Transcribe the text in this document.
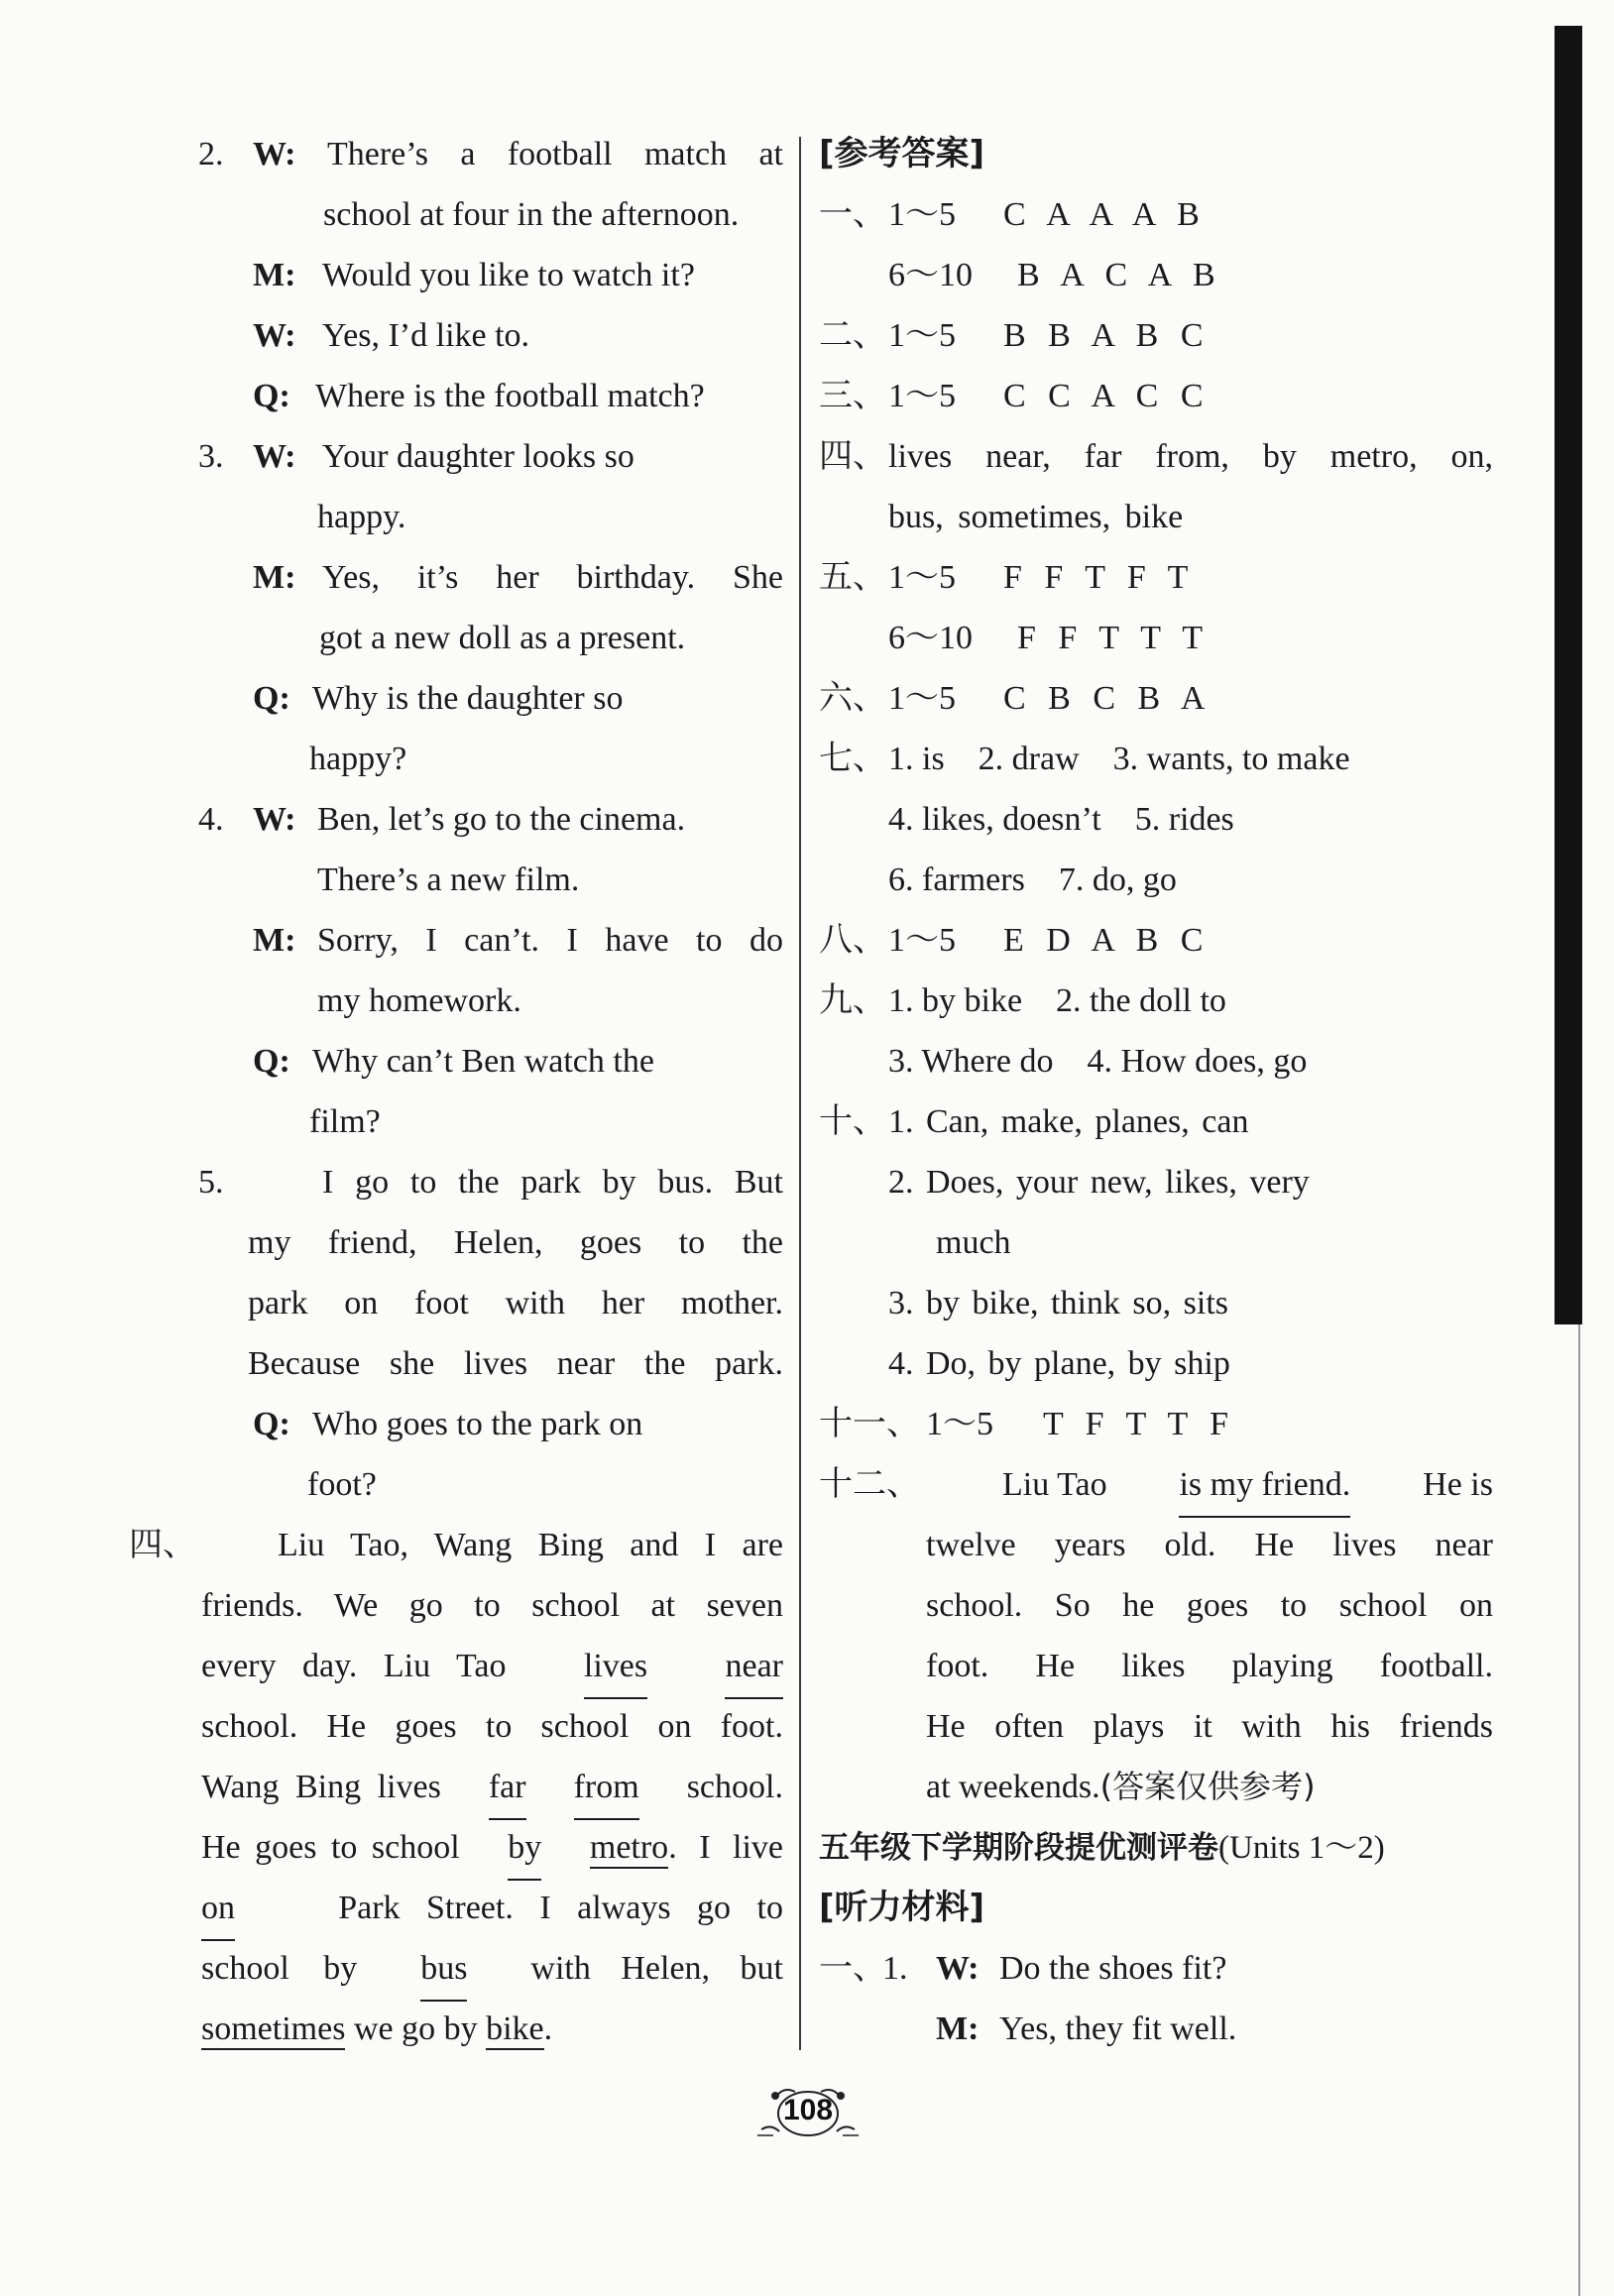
2. W: There’s a football match at
school at four in the afternoon.
M: Would you like to watch it?
W: Yes, I’d like to.
Q: Where is the football match?
3. W: Your daughter looks so
happy.
M: Yes, it’s her birthday. She
got a new doll as a present.
Q: Why is the daughter so
happy?
4. W: Ben, let’s go to the cinema.
There’s a new film.
M: Sorry, I can’t. I have to do
my homework.
Q: Why can’t Ben watch the
film?
5.	I go to the park by bus. But
my friend, Helen, goes to the
park on foot with her mother.
Because she lives near the park.
Q: Who goes to the park on
foot?
四、 Liu Tao, Wang Bing and I are
friends. We go to school at seven
every day. Liu Tao lives near
school. He goes to school on foot.
Wang Bing lives far from school.
He goes to school by metro. I live
on	Park Street. I always go to
school by bus with Helen, but
sometimes we go by bike.
[参考答案]
一、 1～5 C A A A B
6～10 B A C A B
二、 1～5 B B A B C
三、 1～5 C C A C C
四、 lives near, far from, by metro, on,
bus, sometimes, bike
五、 1～5 F F T F T
6～10 F F T T T
六、 1～5 C B C B A
七、 1. is    2. draw    3. wants, to make
4. likes, doesn’t    5. rides
6. farmers    7. do, go
八、 1～5 E D A B C
九、 1. by bike    2. the doll to
3. Where do    4. How does, go
十、 1. Can, make, planes, can
2. Does, your new, likes, very
much
3. by bike, think so, sits
4. Do, by plane, by ship
十一、 1～5 T F T T F
十二、 Liu Tao is my friend. He is
twelve years old. He lives near
school. So he goes to school on
foot. He likes playing football.
He often plays it with his friends
at weekends.(答案仅供参考)
五年级下学期阶段提优测评卷(Units 1～2)
[听力材料]
一、
1. W: Do the shoes fit?
M: Yes, they fit well.
108
